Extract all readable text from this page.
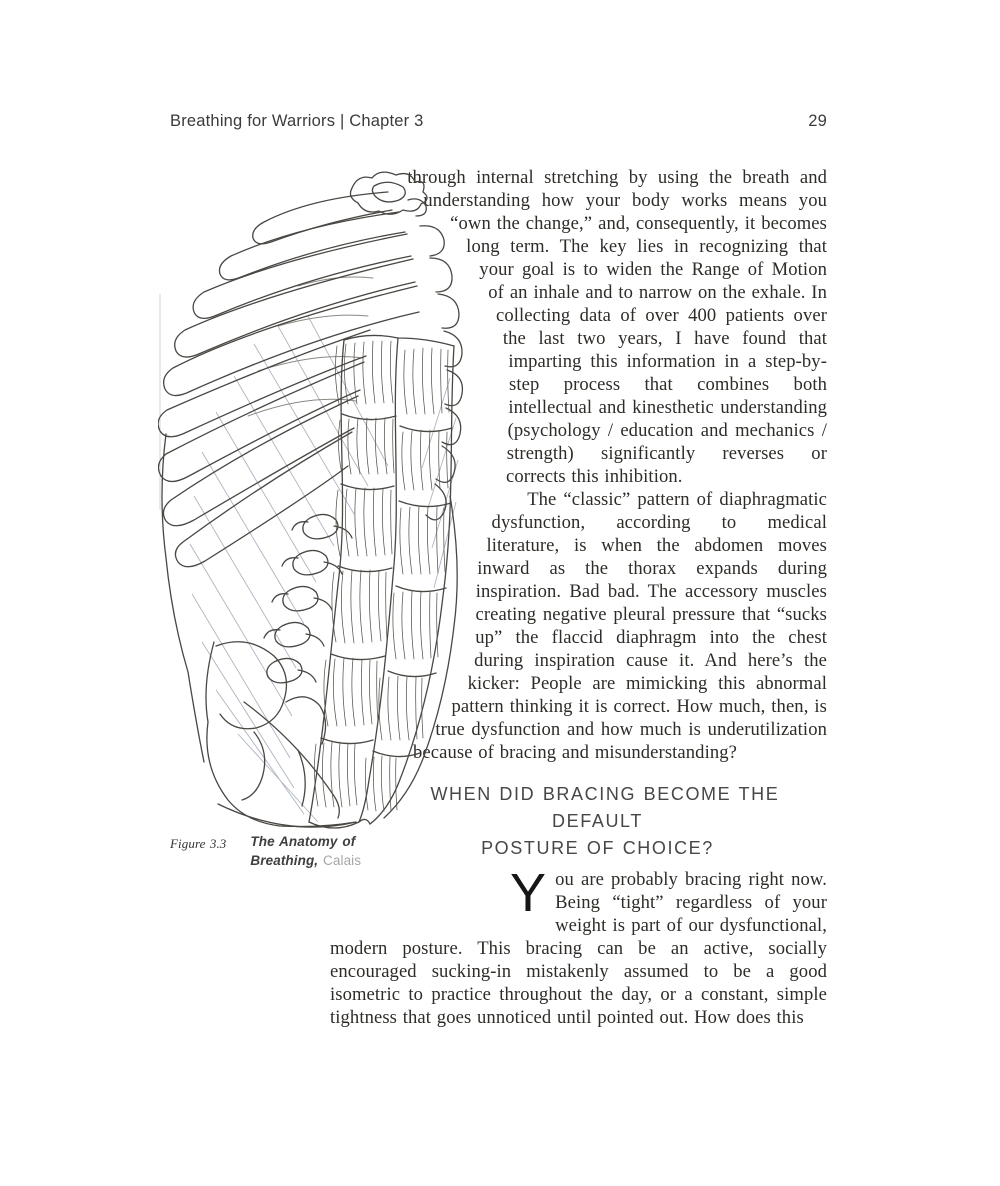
Breathing for Warriors | Chapter 3	29
Figure 3.3 The Anatomy of
Breathing, Calais

through internal stretching by using the breath and understanding how your body works means you “own the change,” and, consequently, it becomes long term. The key lies in recognizing that your goal is to widen the Range of Motion of an inhale and to narrow on the exhale. In collecting data of over 400 patients over the last two years, I have found that imparting this information in a step-by-step process that combines both intellectual and kinesthetic understanding (psychology / education and mechanics / strength) significantly reverses or corrects this inhibition.

The “classic” pattern of diaphragmatic dysfunction, according to medical literature, is when the abdomen moves inward as the thorax expands during inspiration. Bad bad. The accessory muscles creating negative pleural pressure that “sucks up” the flaccid diaphragm into the chest during inspiration cause it. And here’s the kicker: People are mimicking this abnormal pattern thinking it is correct. How much, then, is true dysfunction and how much is underutilization because of bracing and misunderstanding?

WHEN DID BRACING BECOME THE DEFAULT
POSTURE OF CHOICE?

You are probably bracing right now. Being “tight” regardless of your weight is part of our dysfunctional, modern posture. This bracing can be an active, socially encouraged sucking-in mistakenly assumed to be a good isometric to practice throughout the day, or a constant, simple tightness that goes unnoticed until pointed out. How does this
